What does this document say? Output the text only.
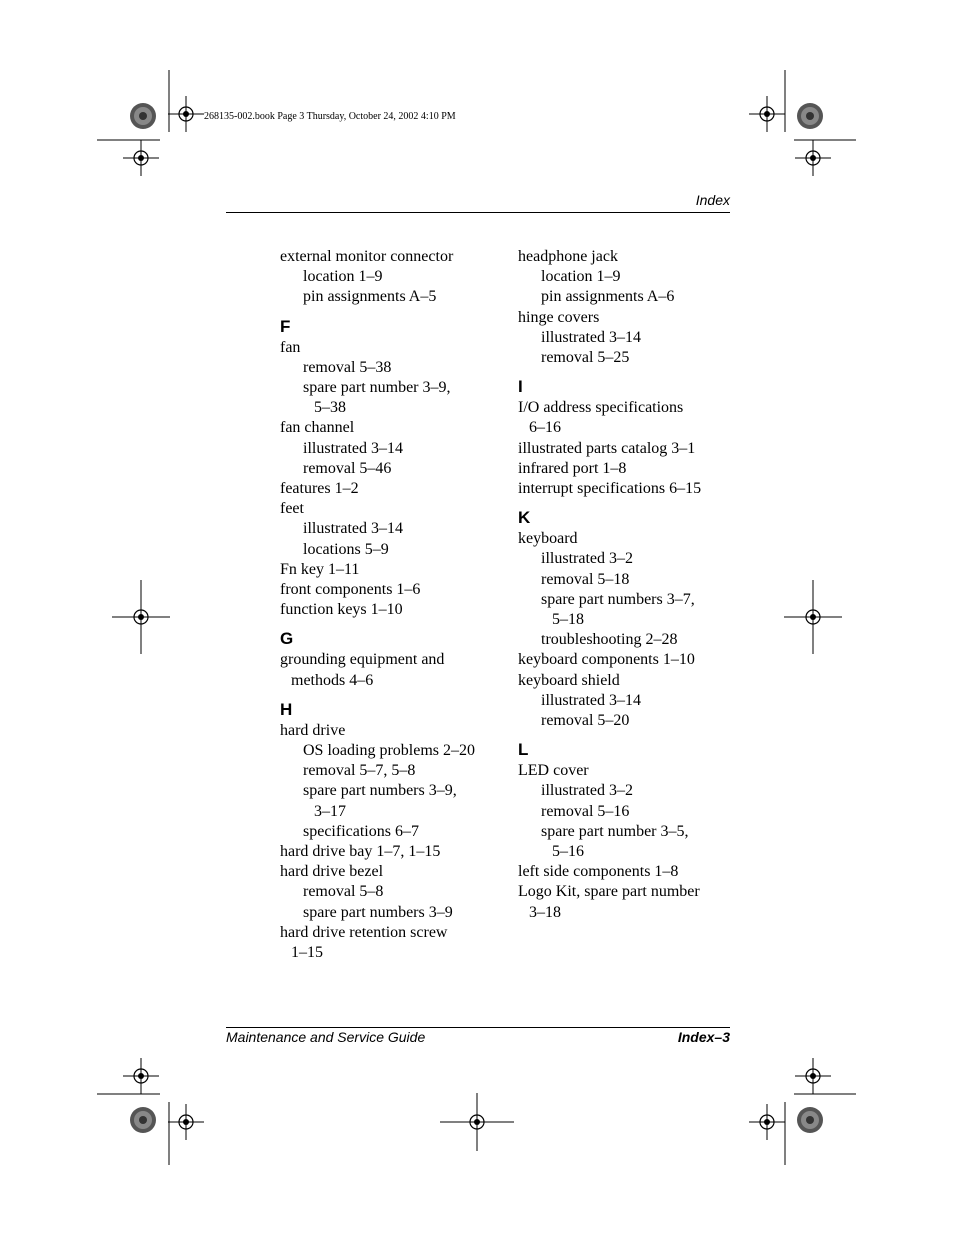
268135-002.book Page 3 Thursday, October 24, 2002 4:10 PM
Index
external monitor connector
location 1–9
pin assignments A–5
F
fan
removal 5–38
spare part number 3–9,
5–38
fan channel
illustrated 3–14
removal 5–46
features 1–2
feet
illustrated 3–14
locations 5–9
Fn key 1–11
front components 1–6
function keys 1–10
G
grounding equipment and
methods 4–6
H
hard drive
OS loading problems 2–20
removal 5–7, 5–8
spare part numbers 3–9,
3–17
specifications 6–7
hard drive bay 1–7, 1–15
hard drive bezel
removal 5–8
spare part numbers 3–9
hard drive retention screw
1–15
headphone jack
location 1–9
pin assignments A–6
hinge covers
illustrated 3–14
removal 5–25
I
I/O address specifications
6–16
illustrated parts catalog 3–1
infrared port 1–8
interrupt specifications 6–15
K
keyboard
illustrated 3–2
removal 5–18
spare part numbers 3–7,
5–18
troubleshooting 2–28
keyboard components 1–10
keyboard shield
illustrated 3–14
removal 5–20
L
LED cover
illustrated 3–2
removal 5–16
spare part number 3–5,
5–16
left side components 1–8
Logo Kit, spare part number
3–18
Maintenance and Service Guide	Index–3
